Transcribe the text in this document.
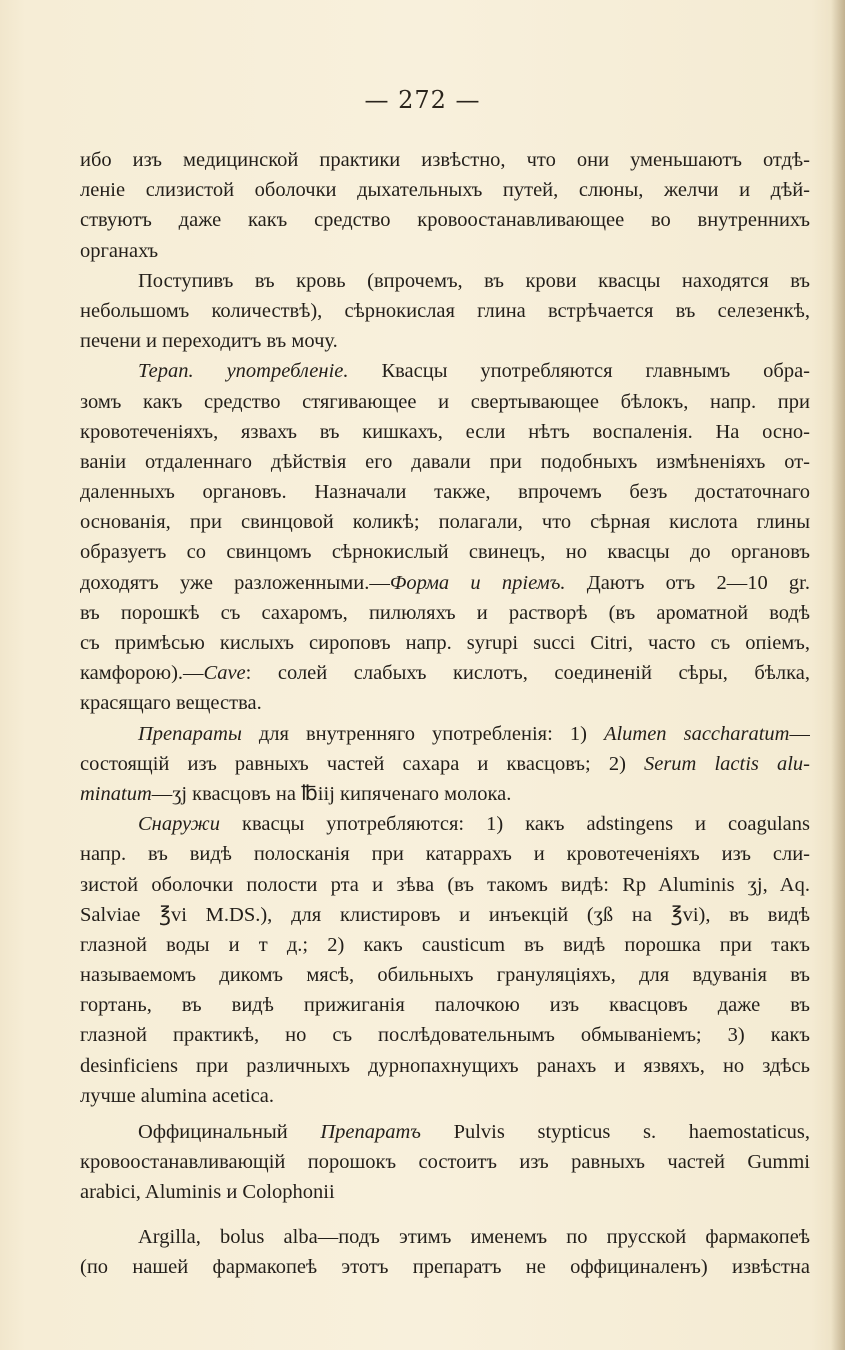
— 272 —
ибо изъ медицинской практики извѣстно, что они уменьшаютъ отдѣ-
леніе слизистой оболочки дыхательныхъ путей, слюны, желчи и дѣй-
ствуютъ даже какъ средство кровоостанавливающее во внутреннихъ
органахъ
Поступивъ въ кровь (впрочемъ, въ крови квасцы находятся въ
небольшомъ количествѣ), сѣрнокислая глина встрѣчается въ селезенкѣ,
печени и переходитъ въ мочу.
Терап. употребленіе. Квасцы употребляются главнымъ обра-
зомъ какъ средство стягивающее и свертывающее бѣлокъ, напр. при
кровотеченіяхъ, язвахъ въ кишкахъ, если нѣтъ воспаленія. На осно-
ваніи отдаленнаго дѣйствія его давали при подобныхъ измѣненіяхъ от-
даленныхъ органовъ. Назначали также, впрочемъ безъ достаточнаго
основанія, при свинцовой коликѣ; полагали, что сѣрная кислота глины
образуетъ со свинцомъ сѣрнокислый свинецъ, но квасцы до органовъ
доходятъ уже разложенными.—Форма и пріемъ. Даютъ отъ 2—10 gr.
въ порошкѣ съ сахаромъ, пилюляхъ и растворѣ (въ ароматной водѣ
съ примѣсью кислыхъ сироповъ напр. syrupi succi Citri, часто съ опіемъ,
камфорою).—Cave: солей слабыхъ кислотъ, соединеній сѣры, бѣлка,
красящаго вещества.
Препараты для внутренняго употребленія: 1) Alumen saccharatum—
состоящій изъ равныхъ частей сахара и квасцовъ; 2) Serum lactis alu-
minatum—ʒj квасцовъ на ℔iij кипяченаго молока.
Снаружи квасцы употребляются: 1) какъ adstingens и coagulans
напр. въ видѣ полосканія при катаррахъ и кровотеченіяхъ изъ сли-
зистой оболочки полости рта и зѣва (въ такомъ видѣ: Rp Aluminis ʒj, Aq.
Salviae ℥vi M.DS.), для клистировъ и инъекцій (ʒß на ℥vi), въ видѣ
глазной воды и т д.; 2) какъ causticum въ видѣ порошка при такъ
называемомъ дикомъ мясѣ, обильныхъ грануляціяхъ, для вдуванія въ
гортань, въ видѣ прижиганія палочкою изъ квасцовъ даже въ
глазной практикѣ, но съ послѣдовательнымъ обмываніемъ; 3) какъ
desinficiens при различныхъ дурнопахнущихъ ранахъ и язвяхъ, но здѣсь
лучше alumina acetica.
Оффицинальный Препаратъ Pulvis stypticus s. haemostaticus,
кровоостанавливающій порошокъ состоитъ изъ равныхъ частей Gummi
arabici, Aluminis и Colophonii
Argilla, bolus alba—подъ этимъ именемъ по прусской фармакопеѣ
(по нашей фармакопеѣ этотъ препаратъ не оффициналенъ) извѣстна
